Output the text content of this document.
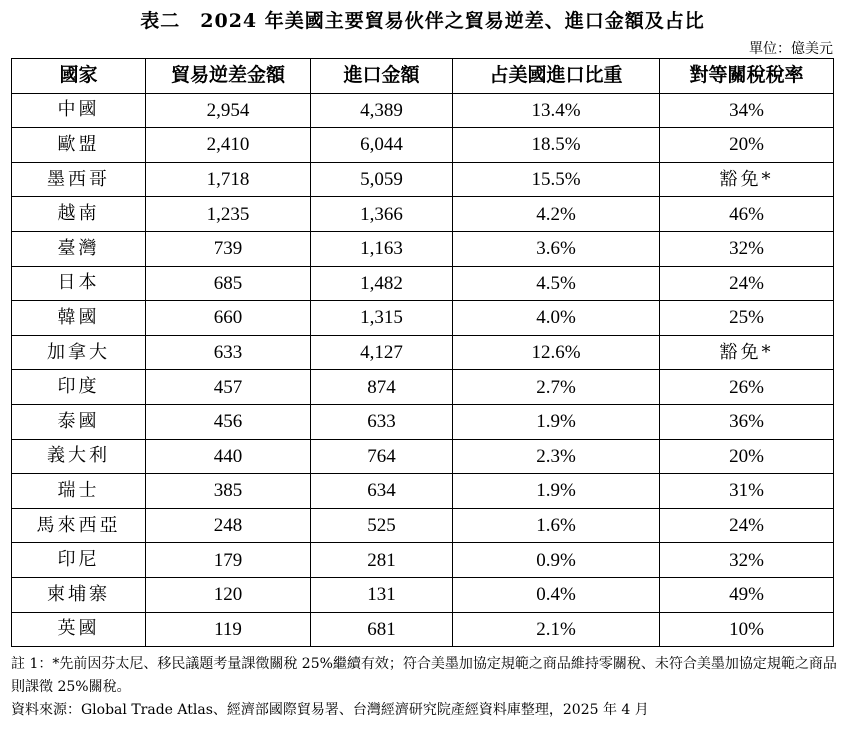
表二　2024 年美國主要貿易伙伴之貿易逆差、進口金額及占比
單位：億美元
國家	貿易逆差金額	進口金額	占美國進口比重	對等關稅稅率
中國	2,954	4,389	13.4%	34%
歐盟	2,410	6,044	18.5%	20%
墨西哥	1,718	5,059	15.5%	豁免*
越南	1,235	1,366	4.2%	46%
臺灣	739	1,163	3.6%	32%
日本	685	1,482	4.5%	24%
韓國	660	1,315	4.0%	25%
加拿大	633	4,127	12.6%	豁免*
印度	457	874	2.7%	26%
泰國	456	633	1.9%	36%
義大利	440	764	2.3%	20%
瑞士	385	634	1.9%	31%
馬來西亞	248	525	1.6%	24%
印尼	179	281	0.9%	32%
柬埔寨	120	131	0.4%	49%
英國	119	681	2.1%	10%

註 1：*先前因芬太尼、移民議題考量課徵關稅 25%繼續有效；符合美墨加協定規範之商品維持零關稅、未符合美墨加協定規範之商品則課徵 25%關稅。

資料來源：Global Trade Atlas、經濟部國際貿易署、台灣經濟研究院產經資料庫整理，2025 年 4 月
